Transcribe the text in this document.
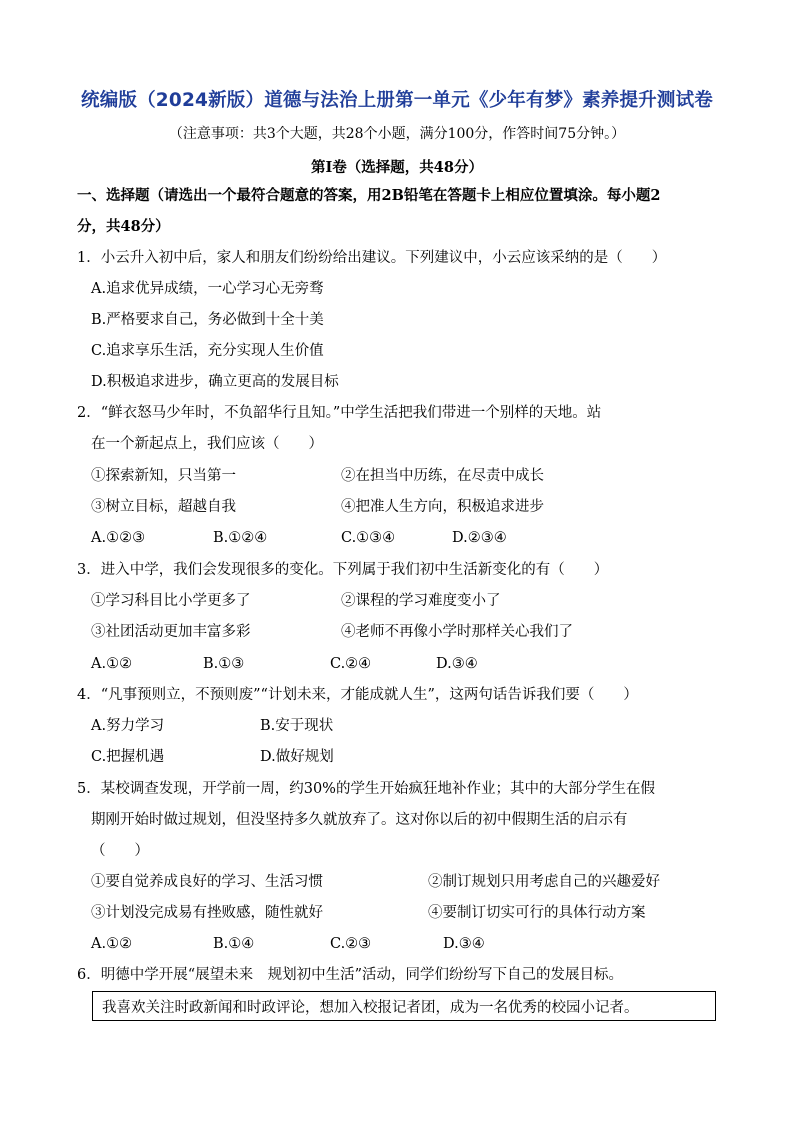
统编版（2024新版）道德与法治上册第一单元《少年有梦》素养提升测试卷
（注意事项：共3个大题，共28个小题，满分100分，作答时间75分钟。）
第Ⅰ卷（选择题，共48分）
一、选择题（请选出一个最符合题意的答案，用2B铅笔在答题卡上相应位置填涂。每小题2
分，共48分）
1．小云升入初中后，家人和朋友们纷纷给出建议。下列建议中，小云应该采纳的是（　　）
A.追求优异成绩，一心学习心无旁骛
B.严格要求自己，务必做到十全十美
C.追求享乐生活，充分实现人生价值
D.积极追求进步，确立更高的发展目标
2．“鲜衣怒马少年时，不负韶华行且知。”中学生活把我们带进一个别样的天地。站
在一个新起点上，我们应该（　　）
①探索新知，只当第一	②在担当中历练，在尽责中成长
③树立目标，超越自我	④把准人生方向，积极追求进步
A.①②③	B.①②④	C.①③④	D.②③④
3．进入中学，我们会发现很多的变化。下列属于我们初中生活新变化的有（　　）
①学习科目比小学更多了	②课程的学习难度变小了
③社团活动更加丰富多彩	④老师不再像小学时那样关心我们了
A.①②	B.①③	C.②④	D.③④
4．“凡事预则立，不预则废”“计划未来，才能成就人生”，这两句话告诉我们要（　　）
A.努力学习	B.安于现状
C.把握机遇	D.做好规划
5．某校调查发现，开学前一周，约30%的学生开始疯狂地补作业；其中的大部分学生在假
期刚开始时做过规划，但没坚持多久就放弃了。这对你以后的初中假期生活的启示有
（　　）
①要自觉养成良好的学习、生活习惯	②制订规划只用考虑自己的兴趣爱好
③计划没完成易有挫败感，随性就好	④要制订切实可行的具体行动方案
A.①②	B.①④	C.②③	D.③④
6．明德中学开展“展望未来　规划初中生活”活动，同学们纷纷写下自己的发展目标。
我喜欢关注时政新闻和时政评论，想加入校报记者团，成为一名优秀的校园小记者。
